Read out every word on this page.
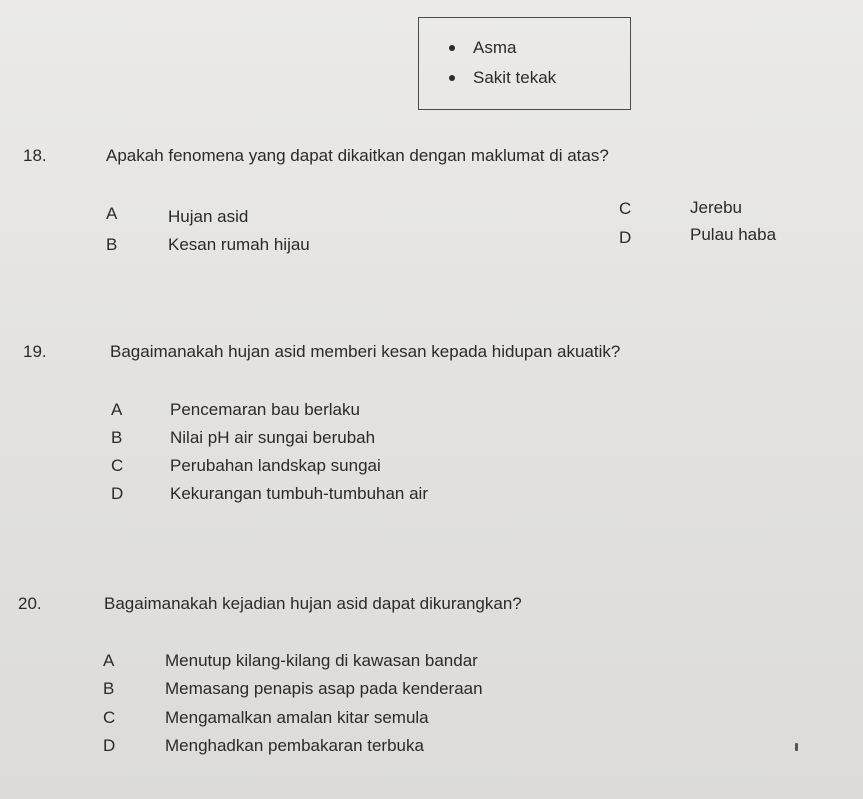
Asma
Sakit tekak
18.	Apakah fenomena yang dapat dikaitkan dengan maklumat di atas?
A	Hujan asid
B	Kesan rumah hijau
C	Jerebu
D	Pulau haba
19.	Bagaimanakah hujan asid memberi kesan kepada hidupan akuatik?
A	Pencemaran bau berlaku
B	Nilai pH air sungai berubah
C	Perubahan landskap sungai
D	Kekurangan tumbuh-tumbuhan air
20.	Bagaimanakah kejadian hujan asid dapat dikurangkan?
A	Menutup kilang-kilang di kawasan bandar
B	Memasang penapis asap pada kenderaan
C	Mengamalkan amalan kitar semula
D	Menghadkan pembakaran terbuka
